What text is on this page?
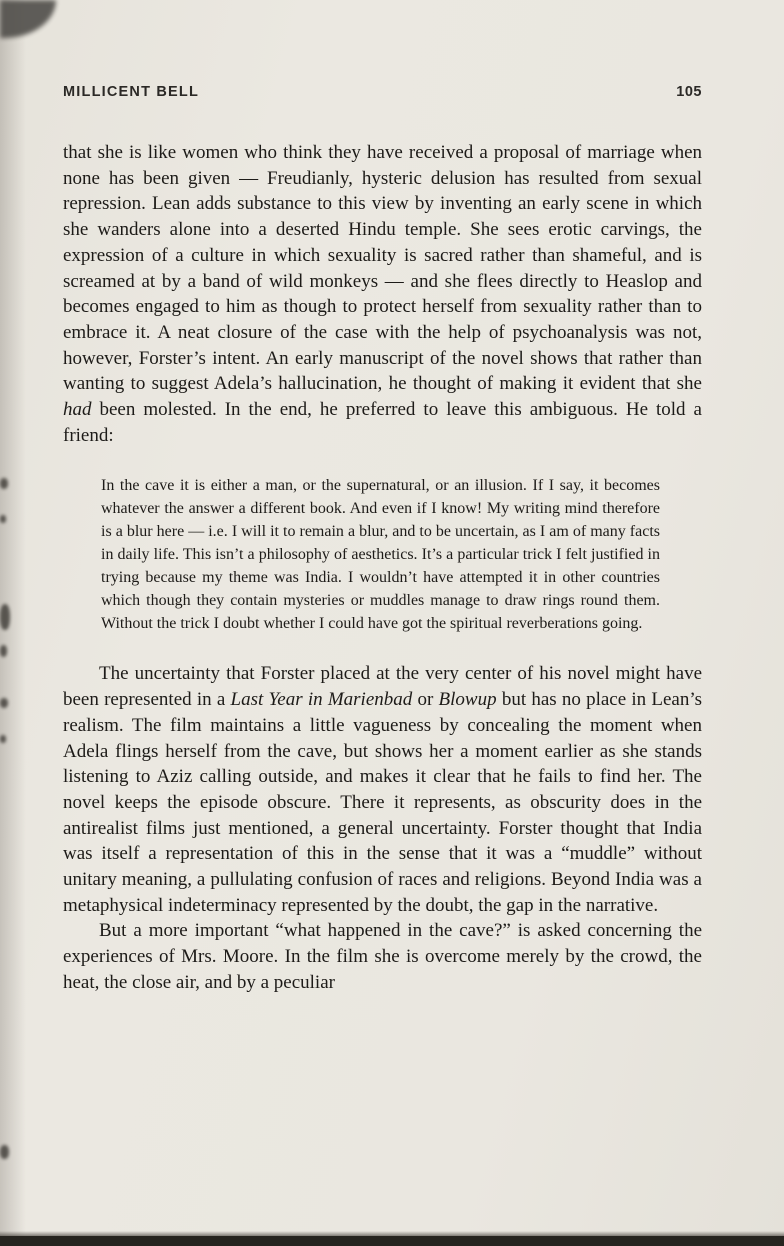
MILLICENT BELL	105

that she is like women who think they have received a proposal of marriage when none has been given — Freudianly, hysteric delusion has resulted from sexual repression. Lean adds substance to this view by inventing an early scene in which she wanders alone into a deserted Hindu temple. She sees erotic carvings, the expression of a culture in which sexuality is sacred rather than shameful, and is screamed at by a band of wild monkeys — and she flees directly to Heaslop and becomes engaged to him as though to protect herself from sexuality rather than to embrace it. A neat closure of the case with the help of psychoanalysis was not, however, Forster’s intent. An early manuscript of the novel shows that rather than wanting to suggest Adela’s hallucination, he thought of making it evident that she had been molested. In the end, he preferred to leave this ambiguous. He told a friend:

In the cave it is either a man, or the supernatural, or an illusion. If I say, it becomes whatever the answer a different book. And even if I know! My writing mind therefore is a blur here — i.e. I will it to remain a blur, and to be uncertain, as I am of many facts in daily life. This isn’t a philosophy of aesthetics. It’s a particular trick I felt justified in trying because my theme was India. I wouldn’t have attempted it in other countries which though they contain mysteries or muddles manage to draw rings round them. Without the trick I doubt whether I could have got the spiritual reverberations going.

The uncertainty that Forster placed at the very center of his novel might have been represented in a Last Year in Marienbad or Blowup but has no place in Lean’s realism. The film maintains a little vagueness by concealing the moment when Adela flings herself from the cave, but shows her a moment earlier as she stands listening to Aziz calling outside, and makes it clear that he fails to find her. The novel keeps the episode obscure. There it represents, as obscurity does in the antirealist films just mentioned, a general uncertainty. Forster thought that India was itself a representation of this in the sense that it was a “muddle” without unitary meaning, a pullulating confusion of races and religions. Beyond India was a metaphysical indeterminacy represented by the doubt, the gap in the narrative.

But a more important “what happened in the cave?” is asked concerning the experiences of Mrs. Moore. In the film she is overcome merely by the crowd, the heat, the close air, and by a peculiar
